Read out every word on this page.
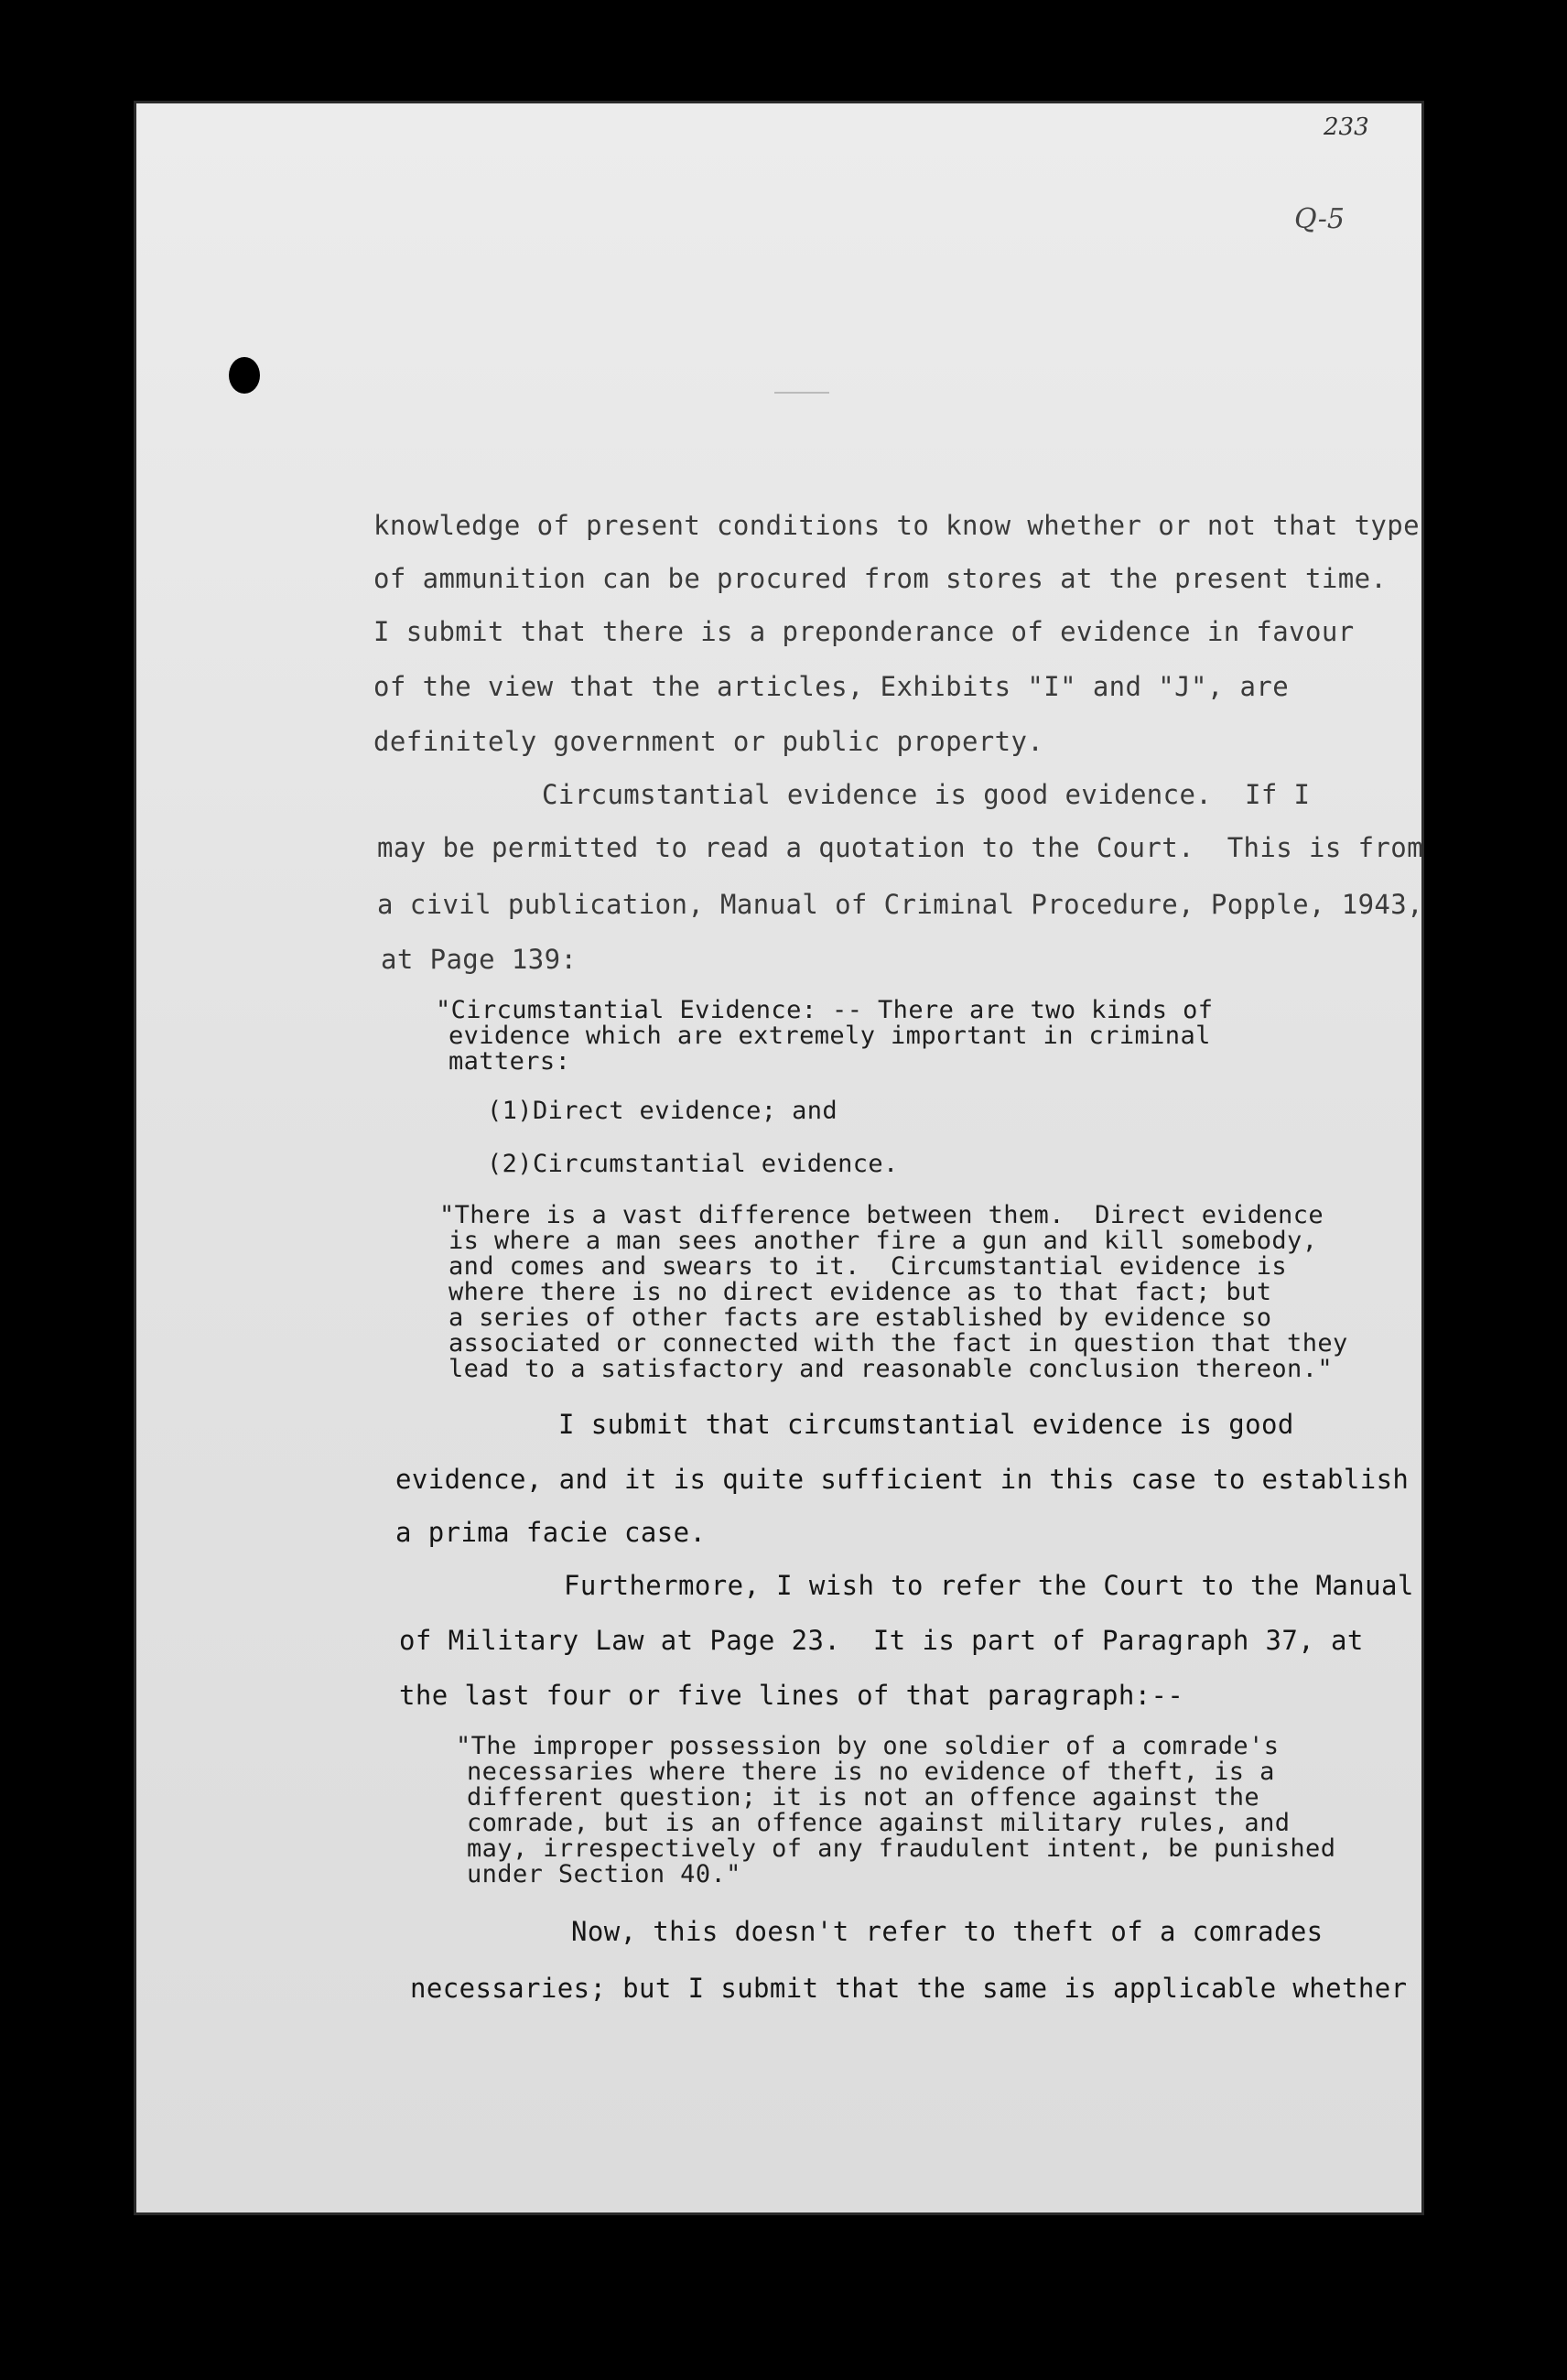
233
Q-5
knowledge of present conditions to know whether or not that type
of ammunition can be procured from stores at the present time.
I submit that there is a preponderance of evidence in favour
of the view that the articles, Exhibits "I" and "J", are
definitely government or public property.
Circumstantial evidence is good evidence.  If I
may be permitted to read a quotation to the Court.  This is from
a civil publication, Manual of Criminal Procedure, Popple, 1943,
at Page 139:
"Circumstantial Evidence: -- There are two kinds of
evidence which are extremely important in criminal
matters:
(1)Direct evidence; and
(2)Circumstantial evidence.
"There is a vast difference between them.  Direct evidence
is where a man sees another fire a gun and kill somebody,
and comes and swears to it.  Circumstantial evidence is
where there is no direct evidence as to that fact; but
a series of other facts are established by evidence so
associated or connected with the fact in question that they
lead to a satisfactory and reasonable conclusion thereon."
I submit that circumstantial evidence is good
evidence, and it is quite sufficient in this case to establish
a prima facie case.
Furthermore, I wish to refer the Court to the Manual
of Military Law at Page 23.  It is part of Paragraph 37, at
the last four or five lines of that paragraph:--
"The improper possession by one soldier of a comrade's
necessaries where there is no evidence of theft, is a
different question; it is not an offence against the
comrade, but is an offence against military rules, and
may, irrespectively of any fraudulent intent, be punished
under Section 40."
Now, this doesn't refer to theft of a comrades
necessaries; but I submit that the same is applicable whether
